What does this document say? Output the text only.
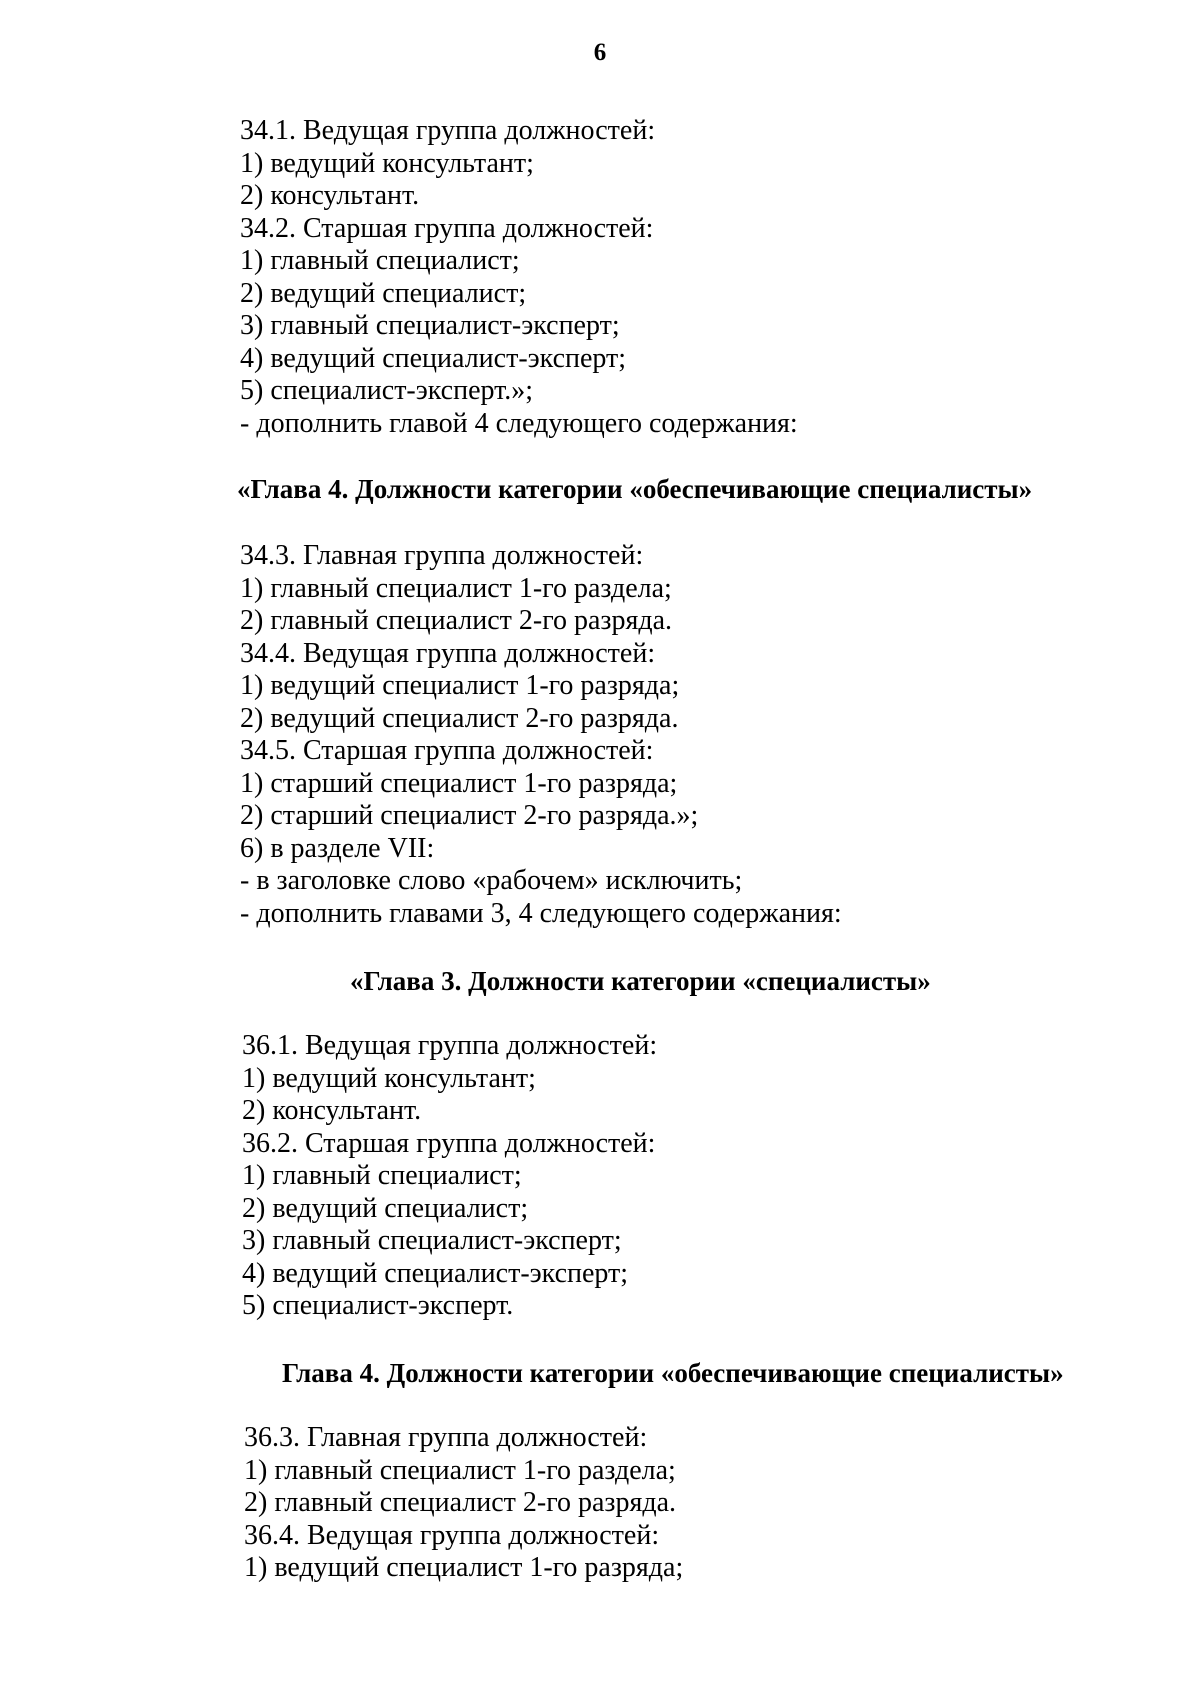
6
34.1. Ведущая группа должностей:
1) ведущий консультант;
2) консультант.
34.2. Старшая группа должностей:
1) главный специалист;
2) ведущий специалист;
3) главный специалист-эксперт;
4) ведущий специалист-эксперт;
5) специалист-эксперт.»;
- дополнить главой 4 следующего содержания:
«Глава 4. Должности категории «обеспечивающие специалисты»
34.3. Главная группа должностей:
1) главный специалист 1-го раздела;
2) главный специалист 2-го разряда.
34.4. Ведущая группа должностей:
1) ведущий специалист 1-го разряда;
2) ведущий специалист 2-го разряда.
34.5. Старшая группа должностей:
1) старший специалист 1-го разряда;
2) старший специалист 2-го разряда.»;
6) в разделе VII:
- в заголовке слово «рабочем» исключить;
- дополнить главами 3, 4 следующего содержания:
«Глава 3. Должности категории «специалисты»
36.1. Ведущая группа должностей:
1) ведущий консультант;
2) консультант.
36.2. Старшая группа должностей:
1) главный специалист;
2) ведущий специалист;
3) главный специалист-эксперт;
4) ведущий специалист-эксперт;
5) специалист-эксперт.
Глава 4. Должности категории «обеспечивающие специалисты»
36.3. Главная группа должностей:
1) главный специалист 1-го раздела;
2) главный специалист 2-го разряда.
36.4. Ведущая группа должностей:
1) ведущий специалист 1-го разряда;
